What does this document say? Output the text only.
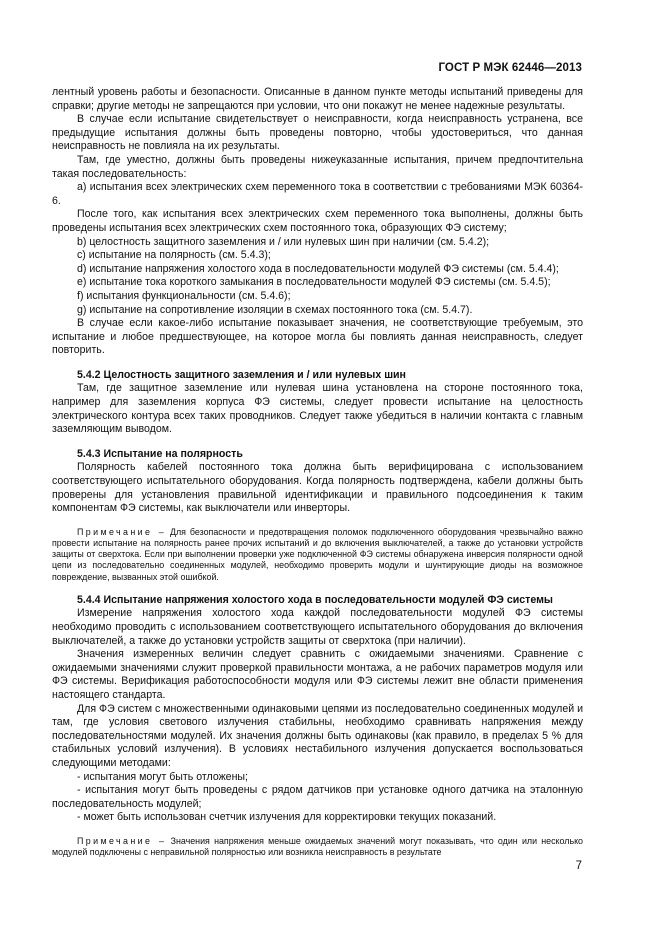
ГОСТ Р МЭК 62446—2013

лентный уровень работы и безопасности. Описанные в данном пункте методы испытаний приведены для справки; другие методы не запрещаются при условии, что они покажут не менее надежные результаты.

В случае если испытание свидетельствует о неисправности, когда неисправность устранена, все предыдущие испытания должны быть проведены повторно, чтобы удостовериться, что данная неисправность не повлияла на их результаты.

Там, где уместно, должны быть проведены нижеуказанные испытания, причем предпочтительна такая последовательность:

а) испытания всех электрических схем переменного тока в соответствии с требованиями МЭК 60364-6.

После того, как испытания всех электрических схем переменного тока выполнены, должны быть проведены испытания всех электрических схем постоянного тока, образующих ФЭ систему;

b) целостность защитного заземления и / или нулевых шин при наличии (см. 5.4.2);

с) испытание на полярность (см. 5.4.3);

d) испытание напряжения холостого хода в последовательности модулей ФЭ системы (см. 5.4.4);

е) испытание тока короткого замыкания в последовательности модулей ФЭ системы (см. 5.4.5);

f) испытания функциональности (см. 5.4.6);

g) испытание на сопротивление изоляции в схемах постоянного тока (см. 5.4.7).

В случае если какое-либо испытание показывает значения, не соответствующие требуемым, это испытание и любое предшествующее, на которое могла бы повлиять данная неисправность, следует повторить.

5.4.2 Целостность защитного заземления и / или нулевых шин

Там, где защитное заземление или нулевая шина установлена на стороне постоянного тока, например для заземления корпуса ФЭ системы, следует провести испытание на целостность электрического контура всех таких проводников. Следует также убедиться в наличии контакта с главным заземляющим выводом.

5.4.3 Испытание на полярность

Полярность кабелей постоянного тока должна быть верифицирована с использованием соответствующего испытательного оборудования. Когда полярность подтверждена, кабели должны быть проверены для установления правильной идентификации и правильного подсоединения к таким компонентам ФЭ системы, как выключатели или инверторы.

Примечание – Для безопасности и предотвращения поломок подключенного оборудования чрезвычайно важно провести испытание на полярность ранее прочих испытаний и до включения выключателей, а также до установки устройств защиты от сверхтока. Если при выполнении проверки уже подключенной ФЭ системы обнаружена инверсия полярности одной цепи из последовательно соединенных модулей, необходимо проверить модули и шунтирующие диоды на возможное повреждение, вызванных этой ошибкой.

5.4.4 Испытание напряжения холостого хода в последовательности модулей ФЭ системы

Измерение напряжения холостого хода каждой последовательности модулей ФЭ системы необходимо проводить с использованием соответствующего испытательного оборудования до включения выключателей, а также до установки устройств защиты от сверхтока (при наличии).

Значения измеренных величин следует сравнить с ожидаемыми значениями. Сравнение с ожидаемыми значениями служит проверкой правильности монтажа, а не рабочих параметров модуля или ФЭ системы. Верификация работоспособности модуля или ФЭ системы лежит вне области применения настоящего стандарта.

Для ФЭ систем с множественными одинаковыми цепями из последовательно соединенных модулей и там, где условия светового излучения стабильны, необходимо сравнивать напряжения между последовательностями модулей. Их значения должны быть одинаковы (как правило, в пределах 5 % для стабильных условий излучения). В условиях нестабильного излучения допускается воспользоваться следующими методами:

- испытания могут быть отложены;

- испытания могут быть проведены с рядом датчиков при установке одного датчика на эталонную последовательность модулей;

- может быть использован счетчик излучения для корректировки текущих показаний.

Примечание – Значения напряжения меньше ожидаемых значений могут показывать, что один или несколько модулей подключены с неправильной полярностью или возникла неисправность в результате

7
